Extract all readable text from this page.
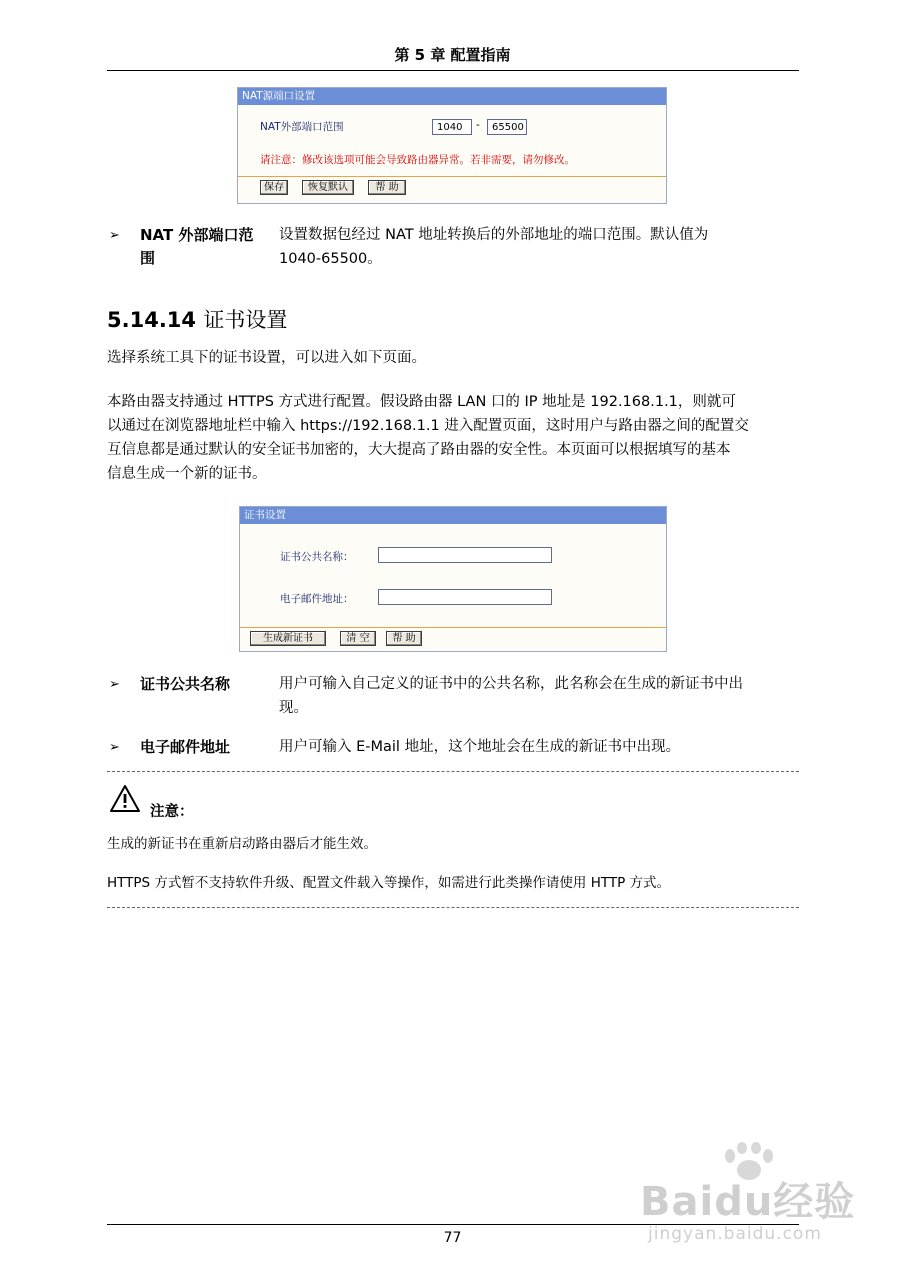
第 5 章 配置指南
NAT源端口设置
NAT外部端口范围	1040	-	65500
请注意：修改该选项可能会导致路由器异常。若非需要，请勿修改。
保存	恢复默认	帮 助
➢ NAT 外部端口范
围
设置数据包经过 NAT 地址转换后的外部地址的端口范围。默认值为
1040-65500。
5.14.14 证书设置
选择系统工具下的证书设置，可以进入如下页面。
本路由器支持通过 HTTPS 方式进行配置。假设路由器 LAN 口的 IP 地址是 192.168.1.1，则就可
以通过在浏览器地址栏中输入 https://192.168.1.1 进入配置页面，这时用户与路由器之间的配置交
互信息都是通过默认的安全证书加密的，大大提高了路由器的安全性。本页面可以根据填写的基本
信息生成一个新的证书。
证书设置
证书公共名称：
电子邮件地址：
生成新证书	清 空	帮 助
➢ 证书公共名称	用户可输入自己定义的证书中的公共名称，此名称会在生成的新证书中出
现。
➢ 电子邮件地址	用户可输入 E-Mail 地址，这个地址会在生成的新证书中出现。
注意：
生成的新证书在重新启动路由器后才能生效。
HTTPS 方式暂不支持软件升级、配置文件载入等操作，如需进行此类操作请使用 HTTP 方式。
77
Baidu经验
jingyan.baidu.com
